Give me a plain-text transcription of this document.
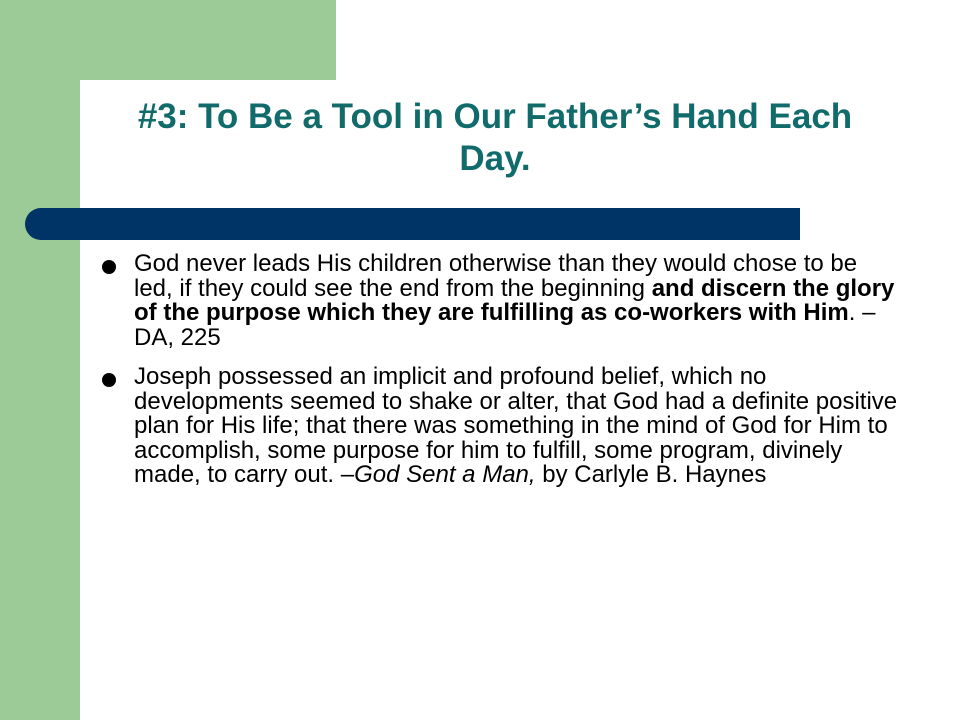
#3: To Be a Tool in Our Father’s Hand Each Day.
God never leads His children otherwise than they would chose to be led, if they could see the end from the beginning and discern the glory of the purpose which they are fulfilling as co-workers with Him. –DA, 225
Joseph possessed an implicit and profound belief, which no developments seemed to shake or alter, that God had a definite positive plan for His life; that there was something in the mind of God for Him to accomplish, some purpose for him to fulfill, some program, divinely made, to carry out. –God Sent a Man, by Carlyle B. Haynes
